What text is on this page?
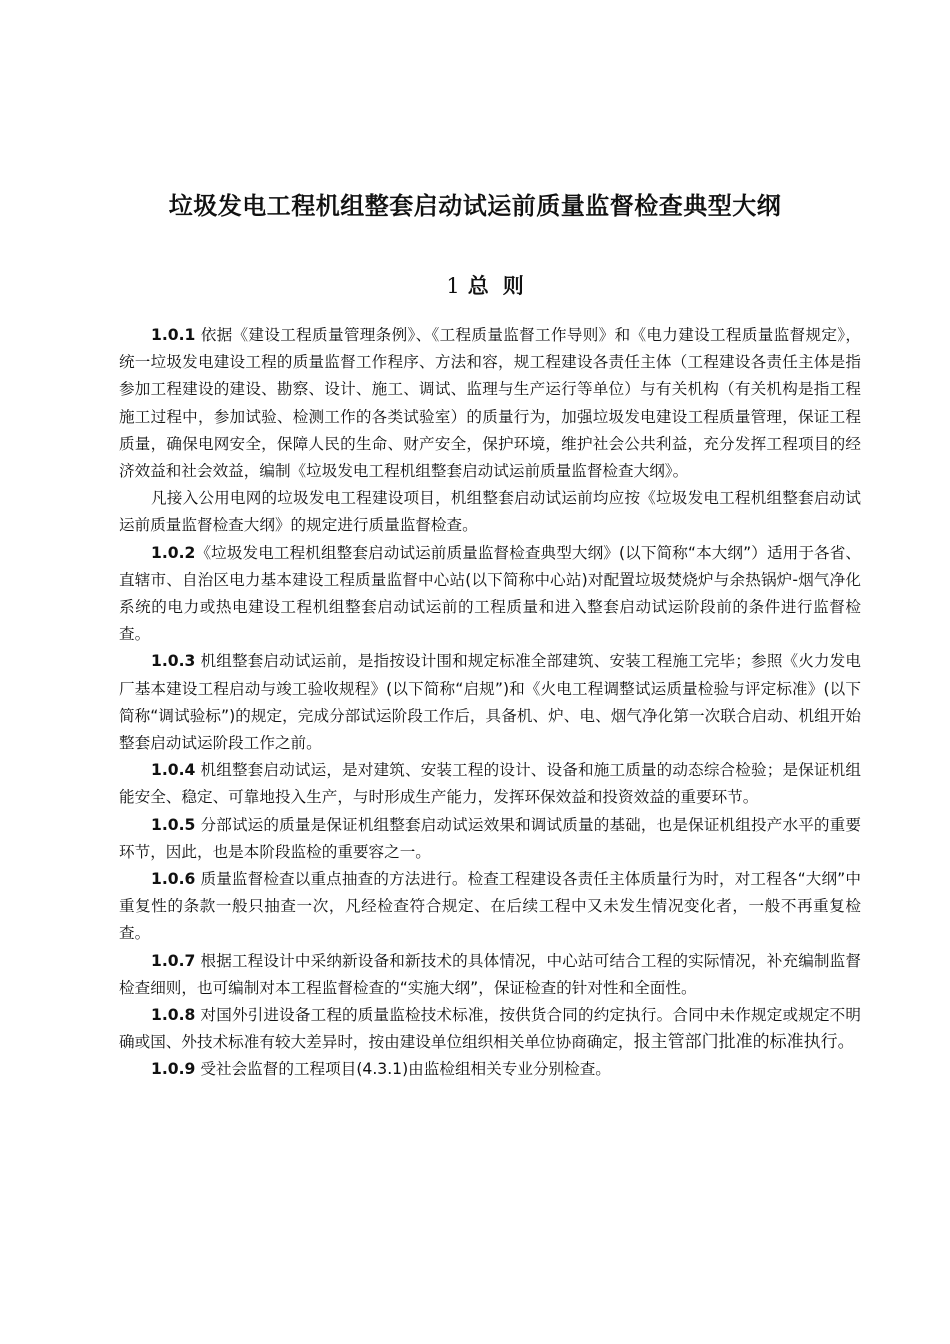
垃圾发电工程机组整套启动试运前质量监督检查典型大纲
1 总 则

1.0.1 依据《建设工程质量管理条例》、《工程质量监督工作导则》和《电力建设工程质量监督规定》，统一垃圾发电建设工程的质量监督工作程序、方法和容，规工程建设各责任主体（工程建设各责任主体是指参加工程建设的建设、勘察、设计、施工、调试、监理与生产运行等单位）与有关机构（有关机构是指工程施工过程中，参加试验、检测工作的各类试验室）的质量行为，加强垃圾发电建设工程质量管理，保证工程质量，确保电网安全，保障人民的生命、财产安全，保护环境，维护社会公共利益，充分发挥工程项目的经济效益和社会效益，编制《垃圾发电工程机组整套启动试运前质量监督检查大纲》。

凡接入公用电网的垃圾发电工程建设项目，机组整套启动试运前均应按《垃圾发电工程机组整套启动试运前质量监督检查大纲》的规定进行质量监督检查。

1.0.2《垃圾发电工程机组整套启动试运前质量监督检查典型大纲》(以下简称“本大纲”）适用于各省、直辖市、自治区电力基本建设工程质量监督中心站(以下简称中心站)对配置垃圾焚烧炉与余热锅炉-烟气净化系统的电力或热电建设工程机组整套启动试运前的工程质量和进入整套启动试运阶段前的条件进行监督检查。

1.0.3 机组整套启动试运前，是指按设计围和规定标准全部建筑、安装工程施工完毕；参照《火力发电厂基本建设工程启动与竣工验收规程》(以下简称“启规”)和《火电工程调整试运质量检验与评定标准》(以下简称“调试验标”)的规定，完成分部试运阶段工作后，具备机、炉、电、烟气净化第一次联合启动、机组开始整套启动试运阶段工作之前。

1.0.4 机组整套启动试运，是对建筑、安装工程的设计、设备和施工质量的动态综合检验；是保证机组能安全、稳定、可靠地投入生产，与时形成生产能力，发挥环保效益和投资效益的重要环节。

1.0.5 分部试运的质量是保证机组整套启动试运效果和调试质量的基础，也是保证机组投产水平的重要环节，因此，也是本阶段监检的重要容之一。

1.0.6 质量监督检查以重点抽查的方法进行。检查工程建设各责任主体质量行为时，对工程各“大纲”中重复性的条款一般只抽查一次，凡经检查符合规定、在后续工程中又未发生情况变化者，一般不再重复检查。

1.0.7 根据工程设计中采纳新设备和新技术的具体情况，中心站可结合工程的实际情况，补充编制监督检查细则，也可编制对本工程监督检查的“实施大纲”，保证检查的针对性和全面性。

1.0.8 对国外引进设备工程的质量监检技术标准，按供货合同的约定执行。合同中未作规定或规定不明确或国、外技术标准有较大差异时，按由建设单位组织相关单位协商确定，报主管部门批准的标准执行。

1.0.9 受社会监督的工程项目(4.3.1)由监检组相关专业分别检查。
